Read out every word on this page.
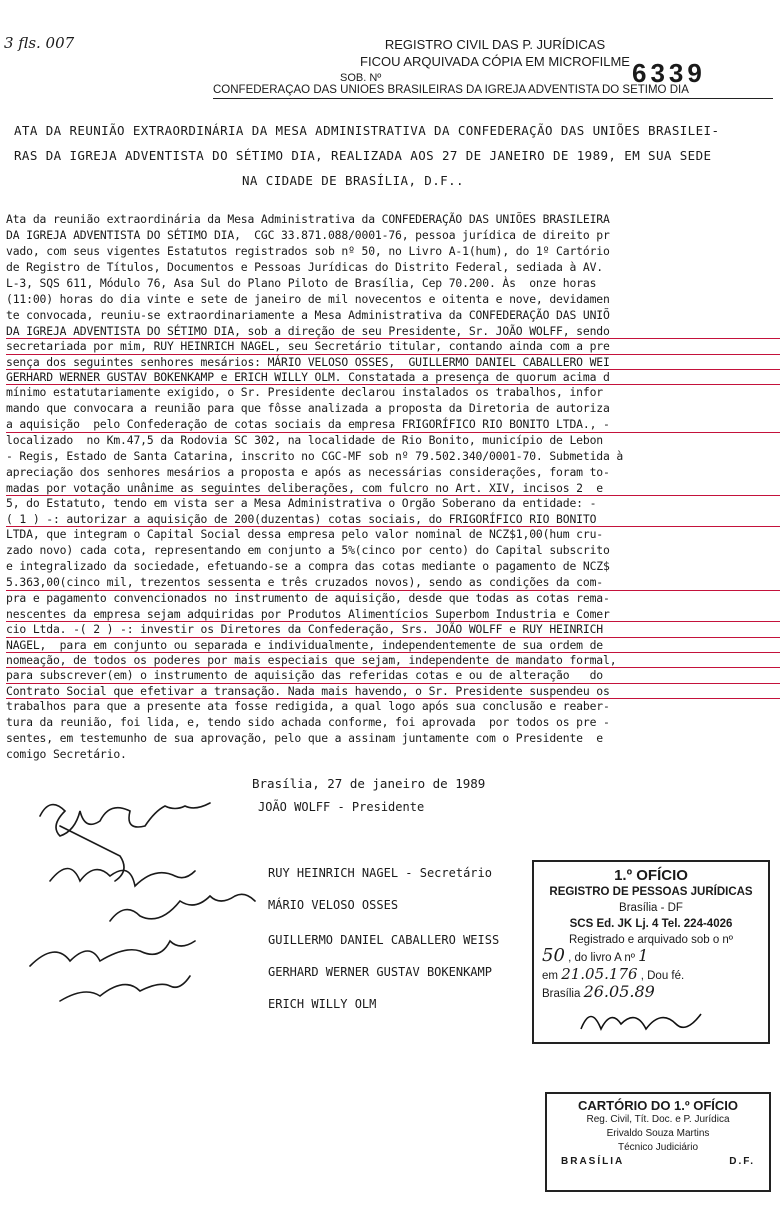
3 fls. 007	REGISTRO CIVIL DAS P. JURÍDICAS
FICOU ARQUIVADA CÓPIA EM MICROFILME
SOB. Nº	6339
CONFEDERAÇÃO DAS UNIÕES BRASILEIRAS DA IGREJA ADVENTISTA DO SÉTIMO DIA
ATA DA REUNIÃO EXTRAORDINÁRIA DA MESA ADMINISTRATIVA DA CONFEDERAÇÃO DAS UNIÕES BRASILEI-
RAS DA IGREJA ADVENTISTA DO SÉTIMO DIA, REALIZADA AOS 27 DE JANEIRO DE 1989, EM SUA SEDE
NA CIDADE DE BRASÍLIA, D.F..
Ata da reunião extraordinária da Mesa Administrativa da CONFEDERAÇÃO DAS UNIÕES BRASILEIRA
DA IGREJA ADVENTISTA DO SÉTIMO DIA,  CGC 33.871.088/0001-76, pessoa jurídica de direito pr
vado, com seus vigentes Estatutos registrados sob nº 50, no Livro A-1(hum), do 1º Cartório
de Registro de Títulos, Documentos e Pessoas Jurídicas do Distrito Federal, sediada à AV.
L-3, SQS 611, Módulo 76, Asa Sul do Plano Piloto de Brasília, Cep 70.200. Às  onze horas
(11:00) horas do dia vinte e sete de janeiro de mil novecentos e oitenta e nove, devidamen
te convocada, reuniu-se extraordinariamente a Mesa Administrativa da CONFEDERAÇÃO DAS UNIÕ
DA IGREJA ADVENTISTA DO SÉTIMO DIA, sob a direção de seu Presidente, Sr. JOÃO WOLFF, sendo
secretariada por mim, RUY HEINRICH NAGEL, seu Secretário titular, contando ainda com a pre
sença dos seguintes senhores mesários: MÁRIO VELOSO OSSES,  GUILLERMO DANIEL CABALLERO WEI
GERHARD WERNER GUSTAV BOKENKAMP e ERICH WILLY OLM. Constatada a presença de quorum acima d
mínimo estatutariamente exigido, o Sr. Presidente declarou instalados os trabalhos, infor
mando que convocara a reunião para que fôsse analizada a proposta da Diretoria de autoriza
a aquisição  pelo Confederação de cotas sociais da empresa FRIGORÍFICO RIO BONITO LTDA., -
localizado  no Km.47,5 da Rodovia SC 302, na localidade de Rio Bonito, município de Lebon
- Regis, Estado de Santa Catarina, inscrito no CGC-MF sob nº 79.502.340/0001-70. Submetida à
apreciação dos senhores mesários a proposta e após as necessárias considerações, foram to-
madas por votação unânime as seguintes deliberações, com fulcro no Art. XIV, incisos 2  e
5, do Estatuto, tendo em vista ser a Mesa Administrativa o Orgão Soberano da entidade: -
( 1 ) -: autorizar a aquisição de 200(duzentas) cotas sociais, do FRIGORÍFICO RIO BONITO
LTDA, que integram o Capital Social dessa empresa pelo valor nominal de NCZ$1,00(hum cru-
zado novo) cada cota, representando em conjunto a 5%(cinco por cento) do Capital subscrito
e integralizado da sociedade, efetuando-se a compra das cotas mediante o pagamento de NCZ$
5.363,00(cinco mil, trezentos sessenta e três cruzados novos), sendo as condições da com-
pra e pagamento convencionados no instrumento de aquisição, desde que todas as cotas rema-
nescentes da empresa sejam adquiridas por Produtos Alimentícios Superbom Industria e Comer
cio Ltda. -( 2 ) -: investir os Diretores da Confederação, Srs. JOÃO WOLFF e RUY HEINRICH
NAGEL,  para em conjunto ou separada e individualmente, independentemente de sua ordem de
nomeação, de todos os poderes por mais especiais que sejam, independente de mandato formal,
para subscrever(em) o instrumento de aquisição das referidas cotas e ou de alteração   do
Contrato Social que efetivar a transação. Nada mais havendo, o Sr. Presidente suspendeu os
trabalhos para que a presente ata fosse redigida, a qual logo após sua conclusão e reaber-
tura da reunião, foi lida, e, tendo sido achada conforme, foi aprovada  por todos os pre -
sentes, em testemunho de sua aprovação, pelo que a assinam juntamente com o Presidente  e
comigo Secretário.
Brasília, 27 de janeiro de 1989
JOÃO WOLFF - Presidente
RUY HEINRICH NAGEL - Secretário
MÁRIO VELOSO OSSES
GUILLERMO DANIEL CABALLERO WEISS
GERHARD WERNER GUSTAV BOKENKAMP
ERICH WILLY OLM
1.º OFÍCIO
REGISTRO DE PESSOAS JURÍDICAS
Brasília - DF
SCS Ed. JK Lj. 4 Tel. 224-4026
Registrado e arquivado sob o nº
50 , do livro A nº 1
em 21.05.176 , Dou fé.
Brasília 26.05.89
CARTÓRIO DO 1.º OFÍCIO
Reg. Civil, Tít. Doc. e P. Jurídica
Erivaldo Souza Martins
Técnico Judiciário
BRASÍLIA	D.F.
